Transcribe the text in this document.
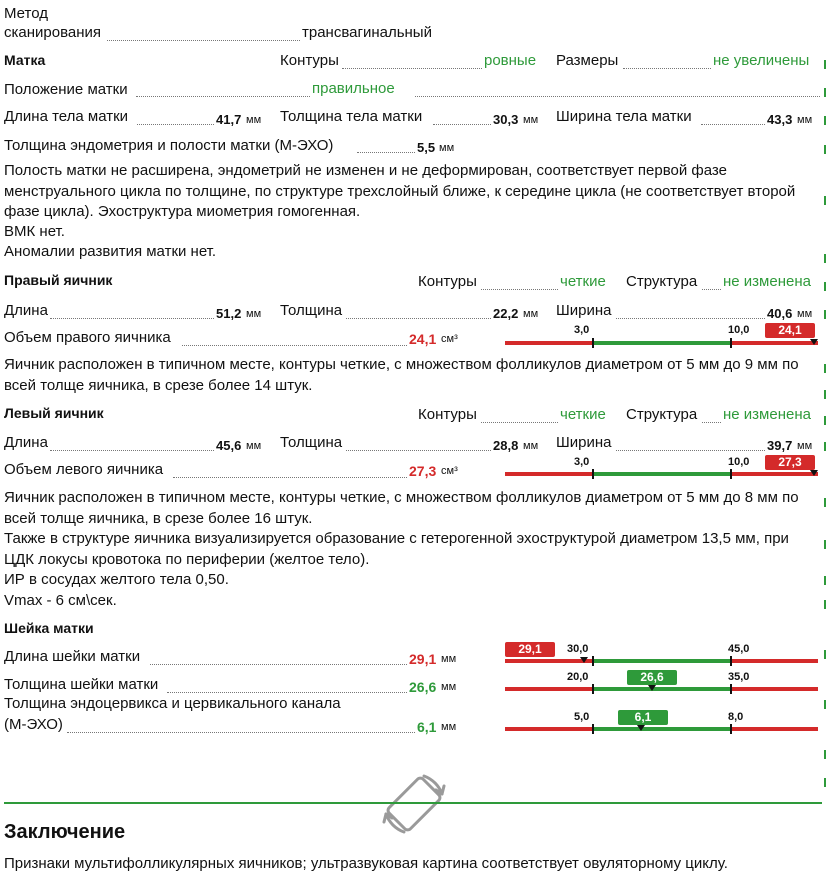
Метод
сканирования	трансвагинальный
Матка	Контуры	ровные Размеры	не увеличены
Положение матки	правильное
Длина тела матки	41,7 мм Толщина тела матки	30,3 мм Ширина тела матки	43,3 мм
Толщина эндометрия и полости матки (М-ЭХО)	5,5 мм
Полость матки не расширена, эндометрий не изменен и не деформирован, соответствует первой фазе менструального цикла по толщине, по структуре трехслойный ближе, к середине цикла (не соответствует второй фазе цикла). Эхоструктура миометрия гомогенная.
ВМК нет.
Аномалии развития матки нет.
Правый яичник	Контуры	четкие Структура не изменена
Длина	51,2 мм Толщина	22,2 мм Ширина	40,6 мм
Объем правого яичника	24,1 см³
3,0	10,0	24,1
Яичник расположен в типичном месте, контуры четкие, с множеством фолликулов диаметром от 5 мм до 9 мм по всей толще яичника, в срезе более 14 штук.
Левый яичник	Контуры	четкие Структура не изменена
Длина	45,6 мм Толщина	28,8 мм Ширина	39,7 мм
Объем левого яичника	27,3 см³
3,0	10,0	27,3
Яичник расположен в типичном месте, контуры четкие, с множеством фолликулов диаметром от 5 мм до 8 мм по всей толще яичника, в срезе более 16 штук.
Также в структуре яичника визуализируется образование с гетерогенной эхоструктурой диаметром 13,5 мм, при ЦДК локусы кровотока по периферии (желтое тело).
ИР в сосудах желтого тела 0,50.
Vmax - 6 см\сек.
Шейка матки
Длина шейки матки	29,1 мм
30,0	45,0
29,1
Толщина шейки матки	26,6 мм
20,0	35,0
26,6
Толщина эндоцервикса и цервикального канала
(М-ЭХО)	6,1 мм
5,0	8,0
6,1
Заключение
Признаки мультифолликулярных яичников; ультразвуковая картина соответствует овуляторному циклу.
